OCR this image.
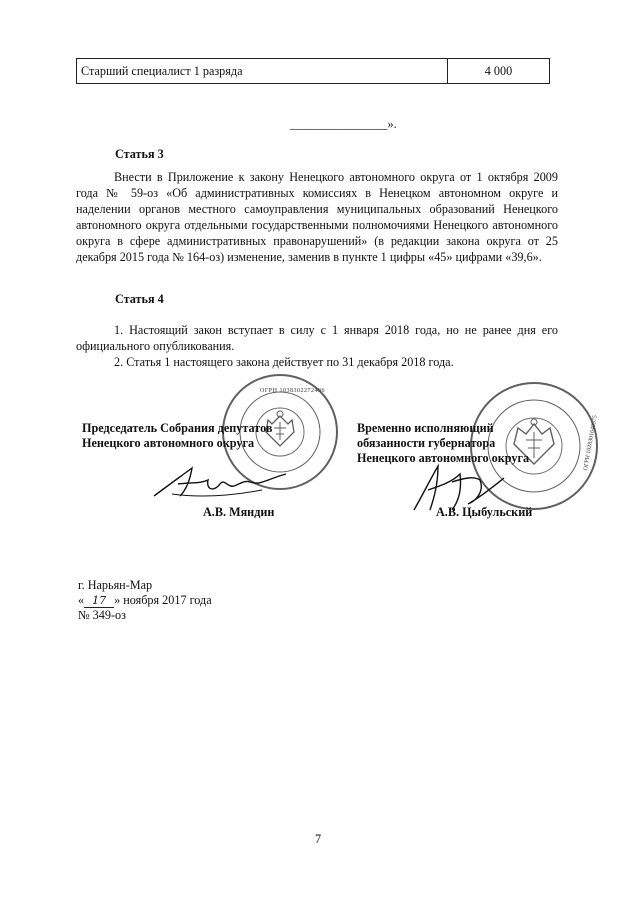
Старший специалист 1 разряда	4 000
________________».
Статья 3
Внести в Приложение к закону Ненецкого автономного округа от 1 октября 2009 года № 59-оз «Об административных комиссиях в Ненецком автономном округе и наделении органов местного самоуправления муниципальных образований Ненецкого автономного округа отдельными государственными полномочиями Ненецкого автономного округа в сфере административных правонарушений» (в редакции закона округа от 25 декабря 2015 года № 164-оз) изменение, заменив в пункте 1 цифры «45» цифрами «39,6».
Статья 4
1. Настоящий закон вступает в силу с 1 января 2018 года, но не ранее дня его официального опубликования.
2. Статья 1 настоящего закона действует по 31 декабря 2018 года.
ОГРН 1038302272486
ОГРН 1028301648575
Председатель Собрания депутатов
Ненецкого автономного округа
А.В. Мяндин
Временно исполняющий
обязанности губернатора
Ненецкого автономного округа
А.В. Цыбульский
г. Нарьян-Мар
« 17 » ноября 2017 года
№ 349-оз
7
